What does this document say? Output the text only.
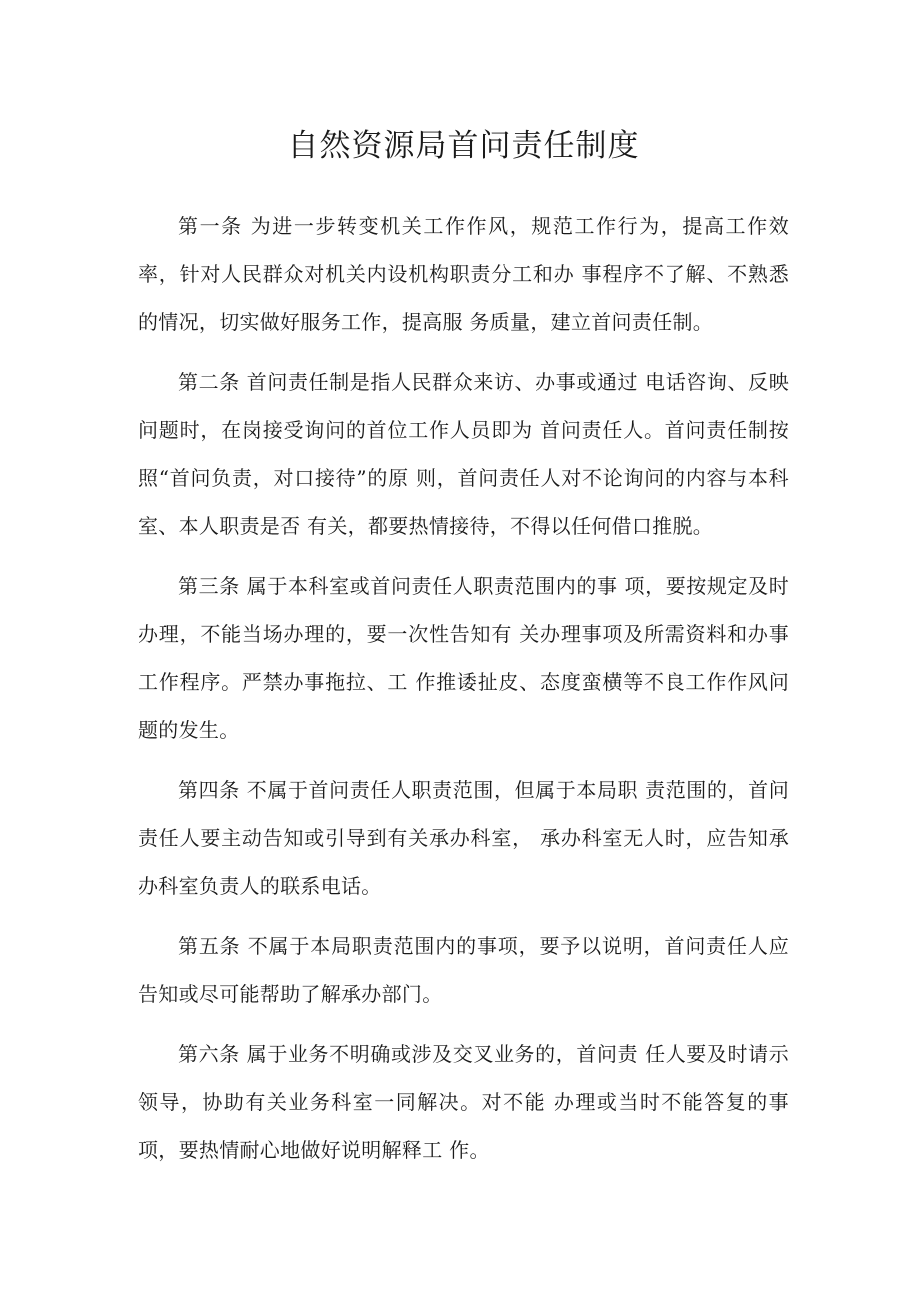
自然资源局首问责任制度

第一条 为进一步转变机关工作作风，规范工作行为，提高工作效率，针对人民群众对机关内设机构职责分工和办 事程序不了解、不熟悉的情况，切实做好服务工作，提高服 务质量，建立首问责任制。

第二条 首问责任制是指人民群众来访、办事或通过 电话咨询、反映问题时，在岗接受询问的首位工作人员即为 首问责任人。首问责任制按照“首问负责，对口接待”的原 则，首问责任人对不论询问的内容与本科室、本人职责是否 有关，都要热情接待，不得以任何借口推脱。

第三条 属于本科室或首问责任人职责范围内的事 项，要按规定及时办理，不能当场办理的，要一次性告知有 关办理事项及所需资料和办事工作程序。严禁办事拖拉、工 作推诿扯皮、态度蛮横等不良工作作风问题的发生。

第四条 不属于首问责任人职责范围，但属于本局职 责范围的，首问责任人要主动告知或引导到有关承办科室， 承办科室无人时，应告知承办科室负责人的联系电话。

第五条 不属于本局职责范围内的事项，要予以说明，首问责任人应告知或尽可能帮助了解承办部门。

第六条 属于业务不明确或涉及交叉业务的，首问责 任人要及时请示领导，协助有关业务科室一同解决。对不能 办理或当时不能答复的事项，要热情耐心地做好说明解释工 作。
